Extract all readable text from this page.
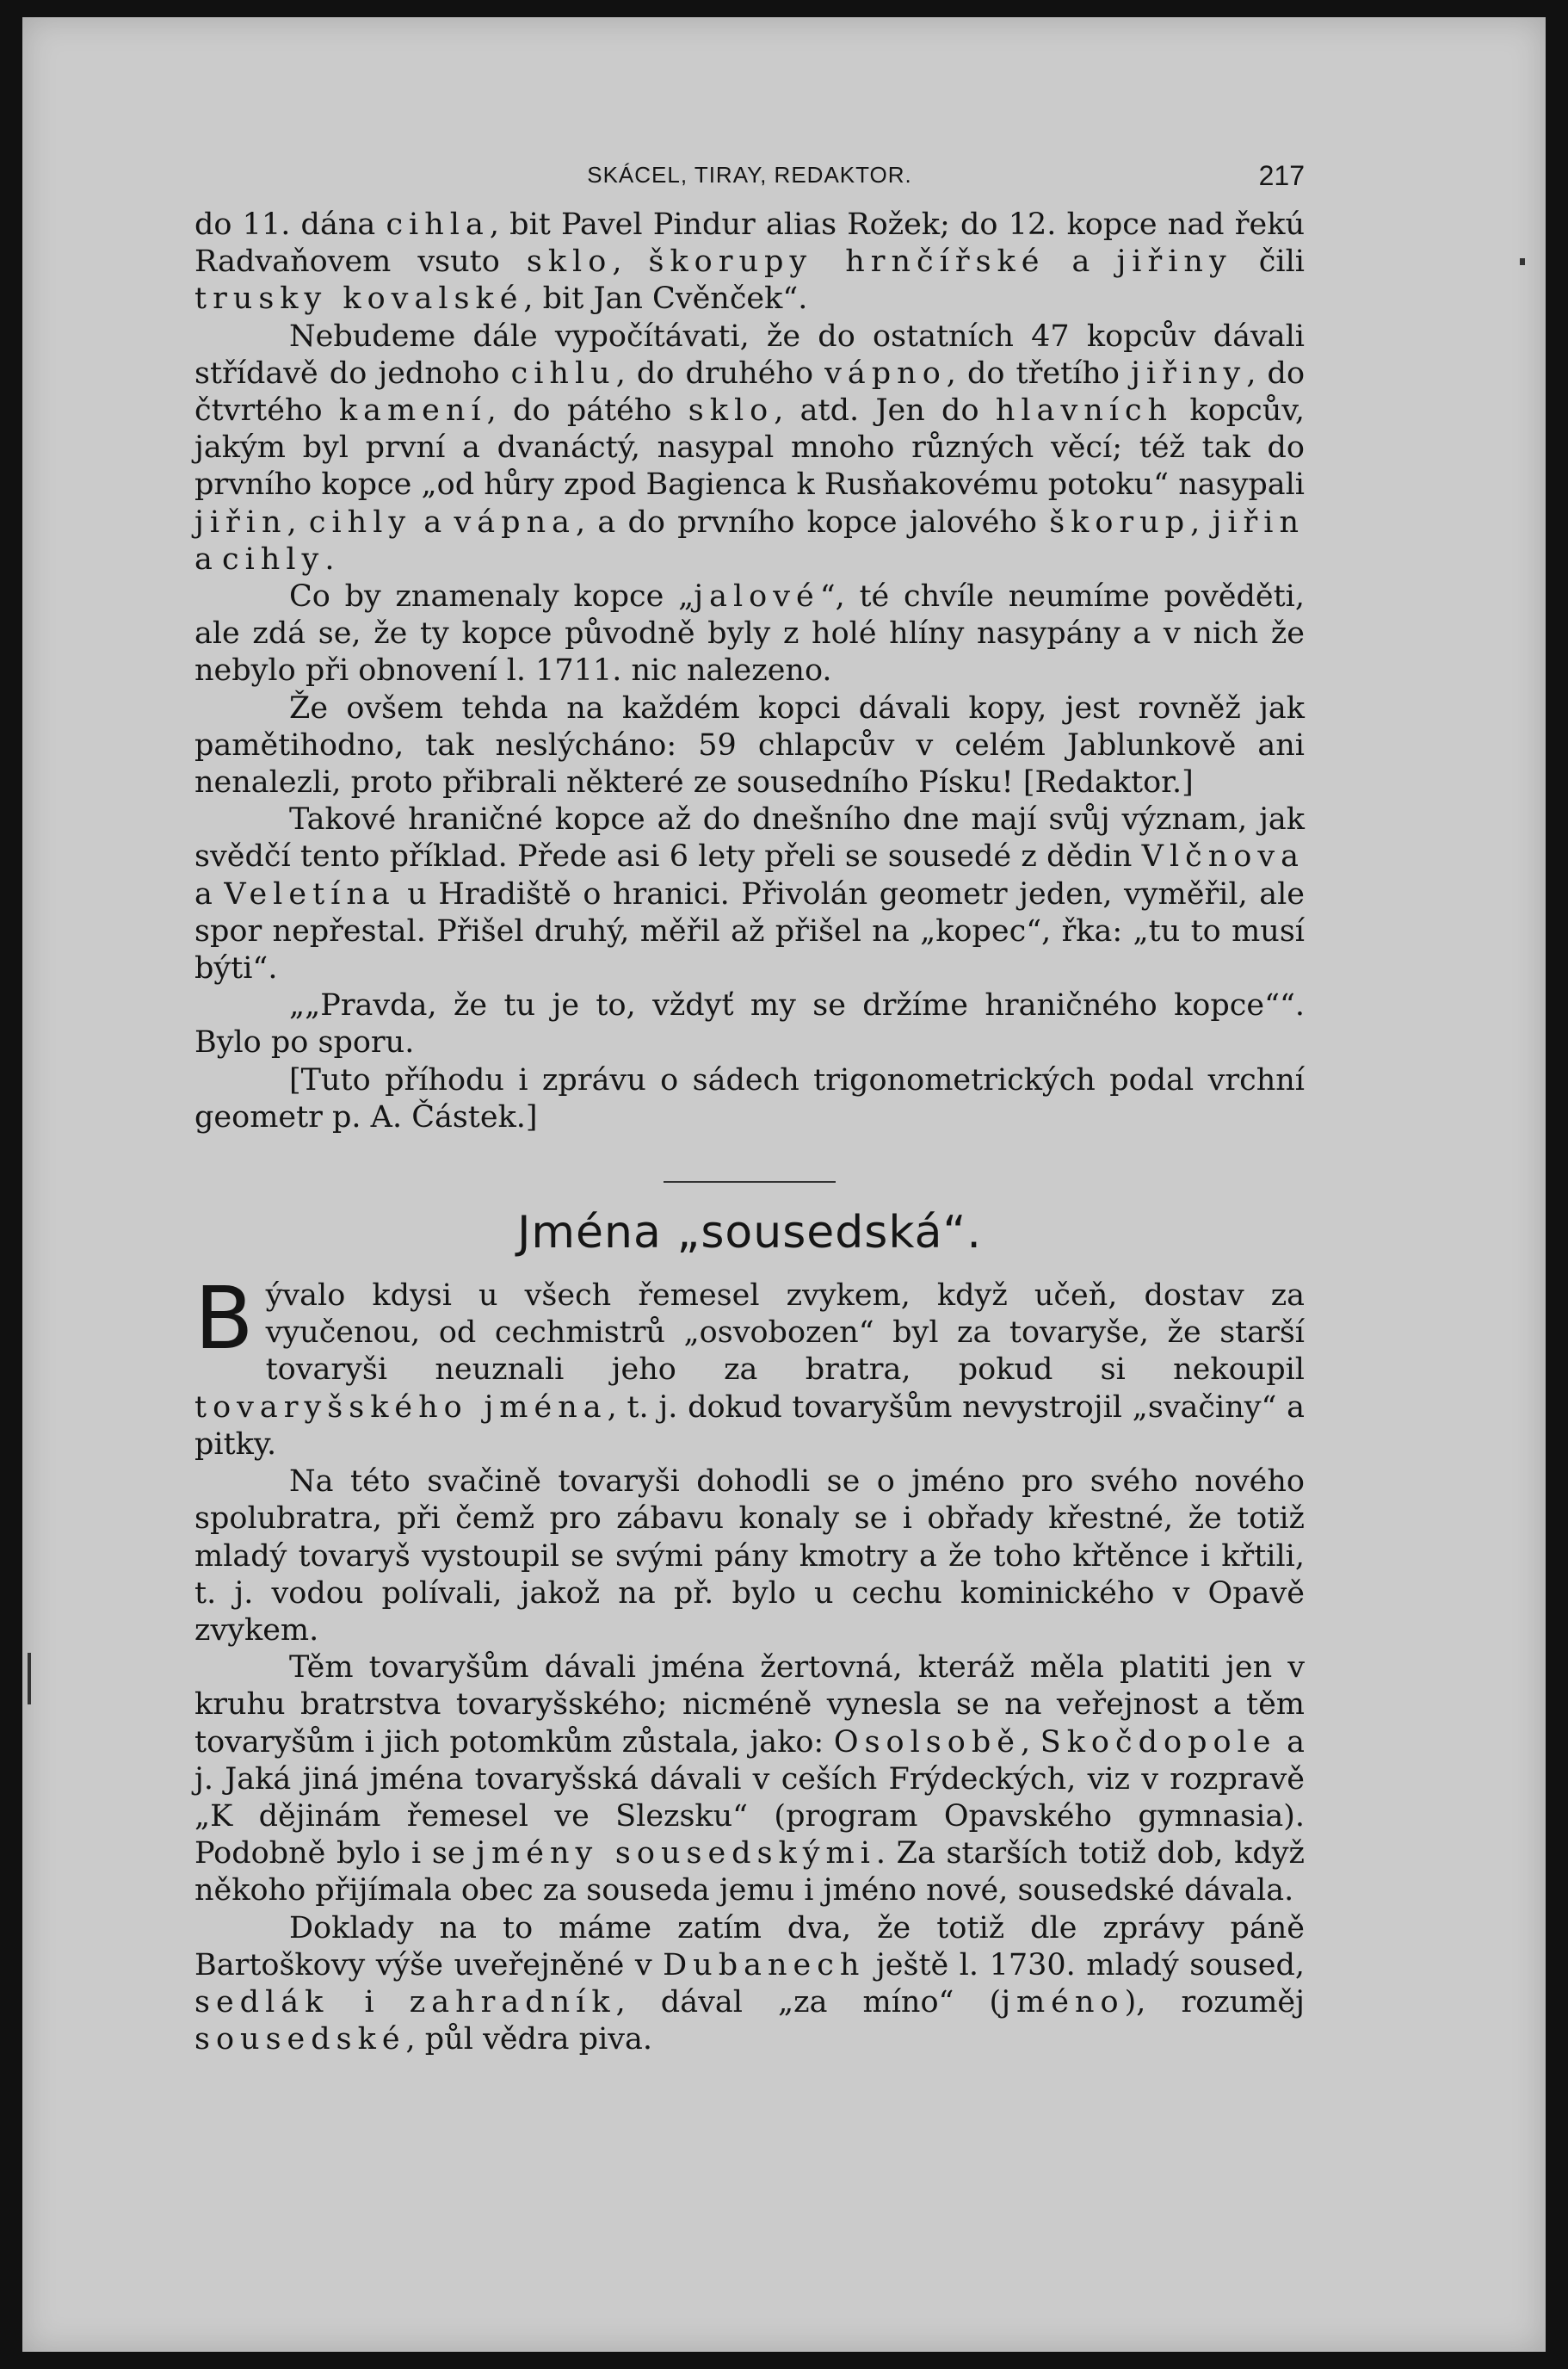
SKÁCEL, TIRAY, REDAKTOR.	217

do 11. dána cihla, bit Pavel Pindur alias Rožek; do 12. kopce nad řekú Radvaňovem vsuto sklo, škorupy hrnčířské a jiřiny čili trusky kovalské, bit Jan Cvěnček“.

Nebudeme dále vypočítávati, že do ostatních 47 kopcův dávali střídavě do jednoho cihlu, do druhého vápno, do třetího jiřiny, do čtvrtého kamení, do pátého sklo, atd. Jen do hlavních kopcův, jakým byl první a dvanáctý, nasypal mnoho různých věcí; též tak do prvního kopce „od hůry zpod Bagienca k Rusňakovému potoku“ nasypali jiřin, cihly a vápna, a do prvního kopce jalového škorup, jiřin a cihly.

Co by znamenaly kopce „jalové“, té chvíle neumíme pověděti, ale zdá se, že ty kopce původně byly z holé hlíny nasypány a v nich že nebylo při obnovení l. 1711. nic nalezeno.

Že ovšem tehda na každém kopci dávali kopy, jest rovněž jak pamětihodno, tak neslýcháno: 59 chlapcův v celém Jablunkově ani nenalezli, proto přibrali některé ze sousedního Písku! [Redaktor.]

Takové hraničné kopce až do dnešního dne mají svůj význam, jak svědčí tento příklad. Přede asi 6 lety přeli se sousedé z dědin Vlčnova a Veletína u Hradiště o hranici. Přivolán geometr jeden, vyměřil, ale spor nepřestal. Přišel druhý, měřil až přišel na „kopec“, řka: „tu to musí býti“.

„„Pravda, že tu je to, vždyť my se držíme hraničného kopce““. Bylo po sporu.

[Tuto příhodu i zprávu o sádech trigonometrických podal vrchní geometr p. A. Částek.]

Jména „sousedská“.

Bývalo kdysi u všech řemesel zvykem, když učeň, dostav za vyučenou, od cechmistrů „osvobozen“ byl za tovaryše, že starší tovaryši neuznali jeho za bratra, pokud si nekoupil tovaryšského jména, t. j. dokud tovaryšům nevystrojil „svačiny“ a pitky.

Na této svačině tovaryši dohodli se o jméno pro svého nového spolubratra, při čemž pro zábavu konaly se i obřady křestné, že totiž mladý tovaryš vystoupil se svými pány kmotry a že toho křtěnce i křtili, t. j. vodou polívali, jakož na př. bylo u cechu kominického v Opavě zvykem.

Těm tovaryšům dávali jména žertovná, kteráž měla platiti jen v kruhu bratrstva tovaryšského; nicméně vynesla se na veřejnost a těm tovaryšům i jich potomkům zůstala, jako: Osolsobě, Skočdopole a j. Jaká jiná jména tovaryšská dávali v ceších Frýdeckých, viz v rozpravě „K dějinám řemesel ve Slezsku“ (program Opavského gymnasia). Podobně bylo i se jmény sousedskými. Za starších totiž dob, když někoho přijímala obec za souseda jemu i jméno nové, sousedské dávala.

Doklady na to máme zatím dva, že totiž dle zprávy páně Bartoškovy výše uveřejněné v Dubanech ještě l. 1730. mladý soused, sedlák i zahradník, dával „za míno“ (jméno), rozuměj sousedské, půl vědra piva.
